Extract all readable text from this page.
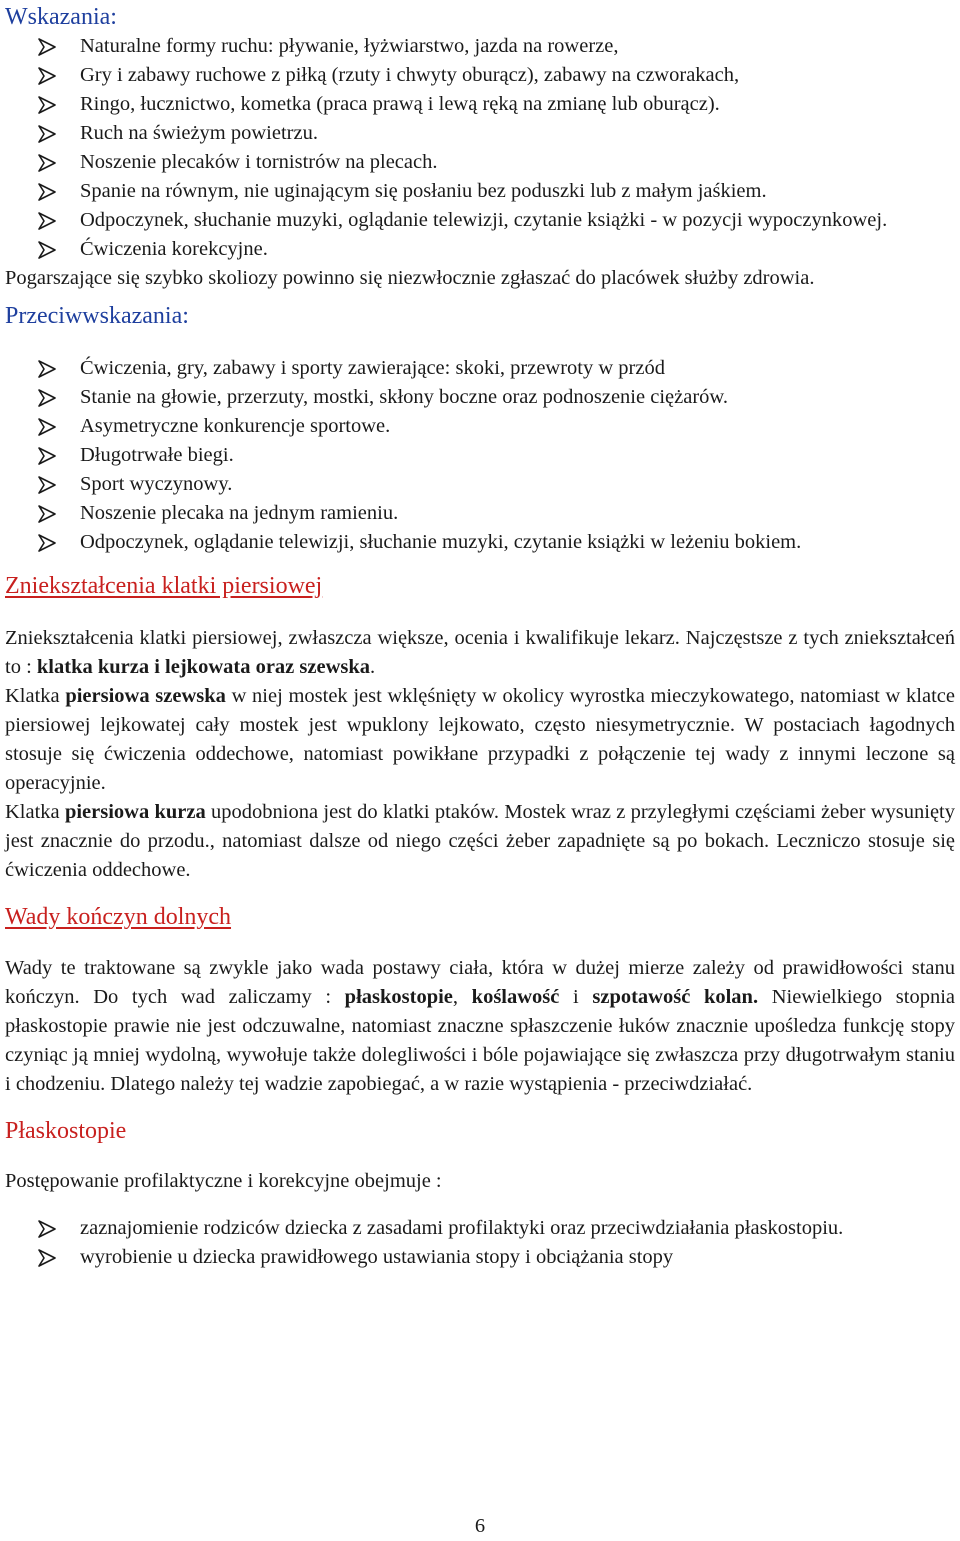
Wskazania:
Naturalne formy ruchu: pływanie, łyżwiarstwo, jazda na rowerze,
Gry i zabawy ruchowe z piłką (rzuty i chwyty oburącz), zabawy na czworakach,
Ringo, łucznictwo, kometka (praca prawą i lewą ręką na zmianę lub oburącz).
Ruch na świeżym powietrzu.
Noszenie plecaków i tornistrów na plecach.
Spanie na równym, nie uginającym się posłaniu bez poduszki lub z małym jaśkiem.
Odpoczynek, słuchanie muzyki, oglądanie telewizji, czytanie książki - w pozycji wypoczynkowej.
Ćwiczenia korekcyjne.

Pogarszające się szybko skoliozy powinno się niezwłocznie zgłaszać do placówek służby zdrowia.

Przeciwwskazania:
Ćwiczenia, gry, zabawy i sporty zawierające: skoki, przewroty w przód
Stanie na głowie, przerzuty, mostki, skłony boczne oraz podnoszenie ciężarów.
Asymetryczne konkurencje sportowe.
Długotrwałe biegi.
Sport wyczynowy.
Noszenie plecaka na jednym ramieniu.
Odpoczynek, oglądanie telewizji, słuchanie muzyki, czytanie książki w leżeniu bokiem.
Zniekształcenia klatki piersiowej

Zniekształcenia klatki piersiowej, zwłaszcza większe, ocenia i kwalifikuje lekarz. Najczęstsze z tych zniekształceń to : klatka kurza i lejkowata oraz szewska.

Klatka piersiowa szewska w niej mostek jest wklęśnięty w okolicy wyrostka mieczykowatego, natomiast w klatce piersiowej lejkowatej cały mostek jest wpuklony lejkowato, często niesymetrycznie. W postaciach łagodnych stosuje się ćwiczenia oddechowe, natomiast powikłane przypadki z połączenie tej wady z innymi leczone są operacyjnie.

Klatka piersiowa kurza upodobniona jest do klatki ptaków. Mostek wraz z przyległymi częściami żeber wysunięty jest znacznie do przodu., natomiast dalsze od niego części żeber zapadnięte są po bokach. Leczniczo stosuje się ćwiczenia oddechowe.

Wady kończyn dolnych

Wady te traktowane są zwykle jako wada postawy ciała, która w dużej mierze zależy od prawidłowości stanu kończyn. Do tych wad zaliczamy : płaskostopie, koślawość i szpotawość kolan. Niewielkiego stopnia płaskostopie prawie nie jest odczuwalne, natomiast znaczne spłaszczenie łuków znacznie upośledza funkcję stopy czyniąc ją mniej wydolną, wywołuje także dolegliwości i bóle pojawiające się zwłaszcza przy długotrwałym staniu i chodzeniu. Dlatego należy tej wadzie zapobiegać, a w razie wystąpienia - przeciwdziałać.

Płaskostopie

Postępowanie profilaktyczne i korekcyjne obejmuje :

zaznajomienie rodziców dziecka z zasadami profilaktyki oraz przeciwdziałania płaskostopiu.
wyrobienie u dziecka prawidłowego ustawiania stopy i obciążania stopy
6
